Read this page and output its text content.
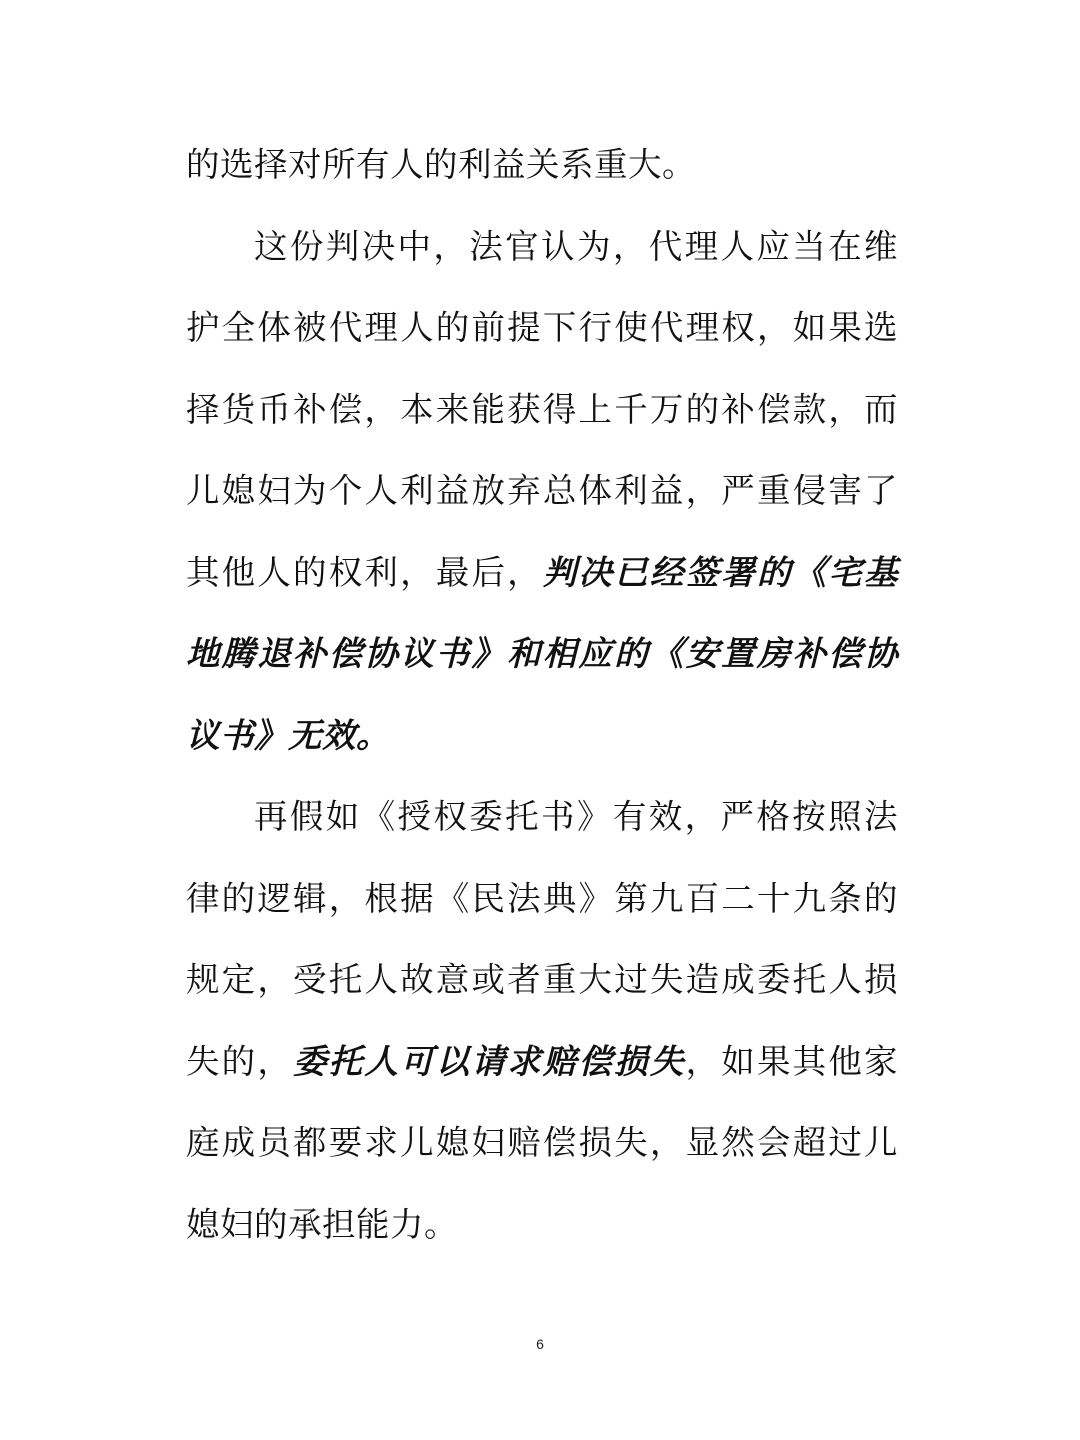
的选择对所有人的利益关系重大。

这份判决中，法官认为，代理人应当在维护全体被代理人的前提下行使代理权，如果选择货币补偿，本来能获得上千万的补偿款，而儿媳妇为个人利益放弃总体利益，严重侵害了其他人的权利，最后，判决已经签署的《宅基地腾退补偿协议书》和相应的《安置房补偿协议书》无效。

再假如《授权委托书》有效，严格按照法律的逻辑，根据《民法典》第九百二十九条的规定，受托人故意或者重大过失造成委托人损失的，委托人可以请求赔偿损失，如果其他家庭成员都要求儿媳妇赔偿损失，显然会超过儿媳妇的承担能力。

6
